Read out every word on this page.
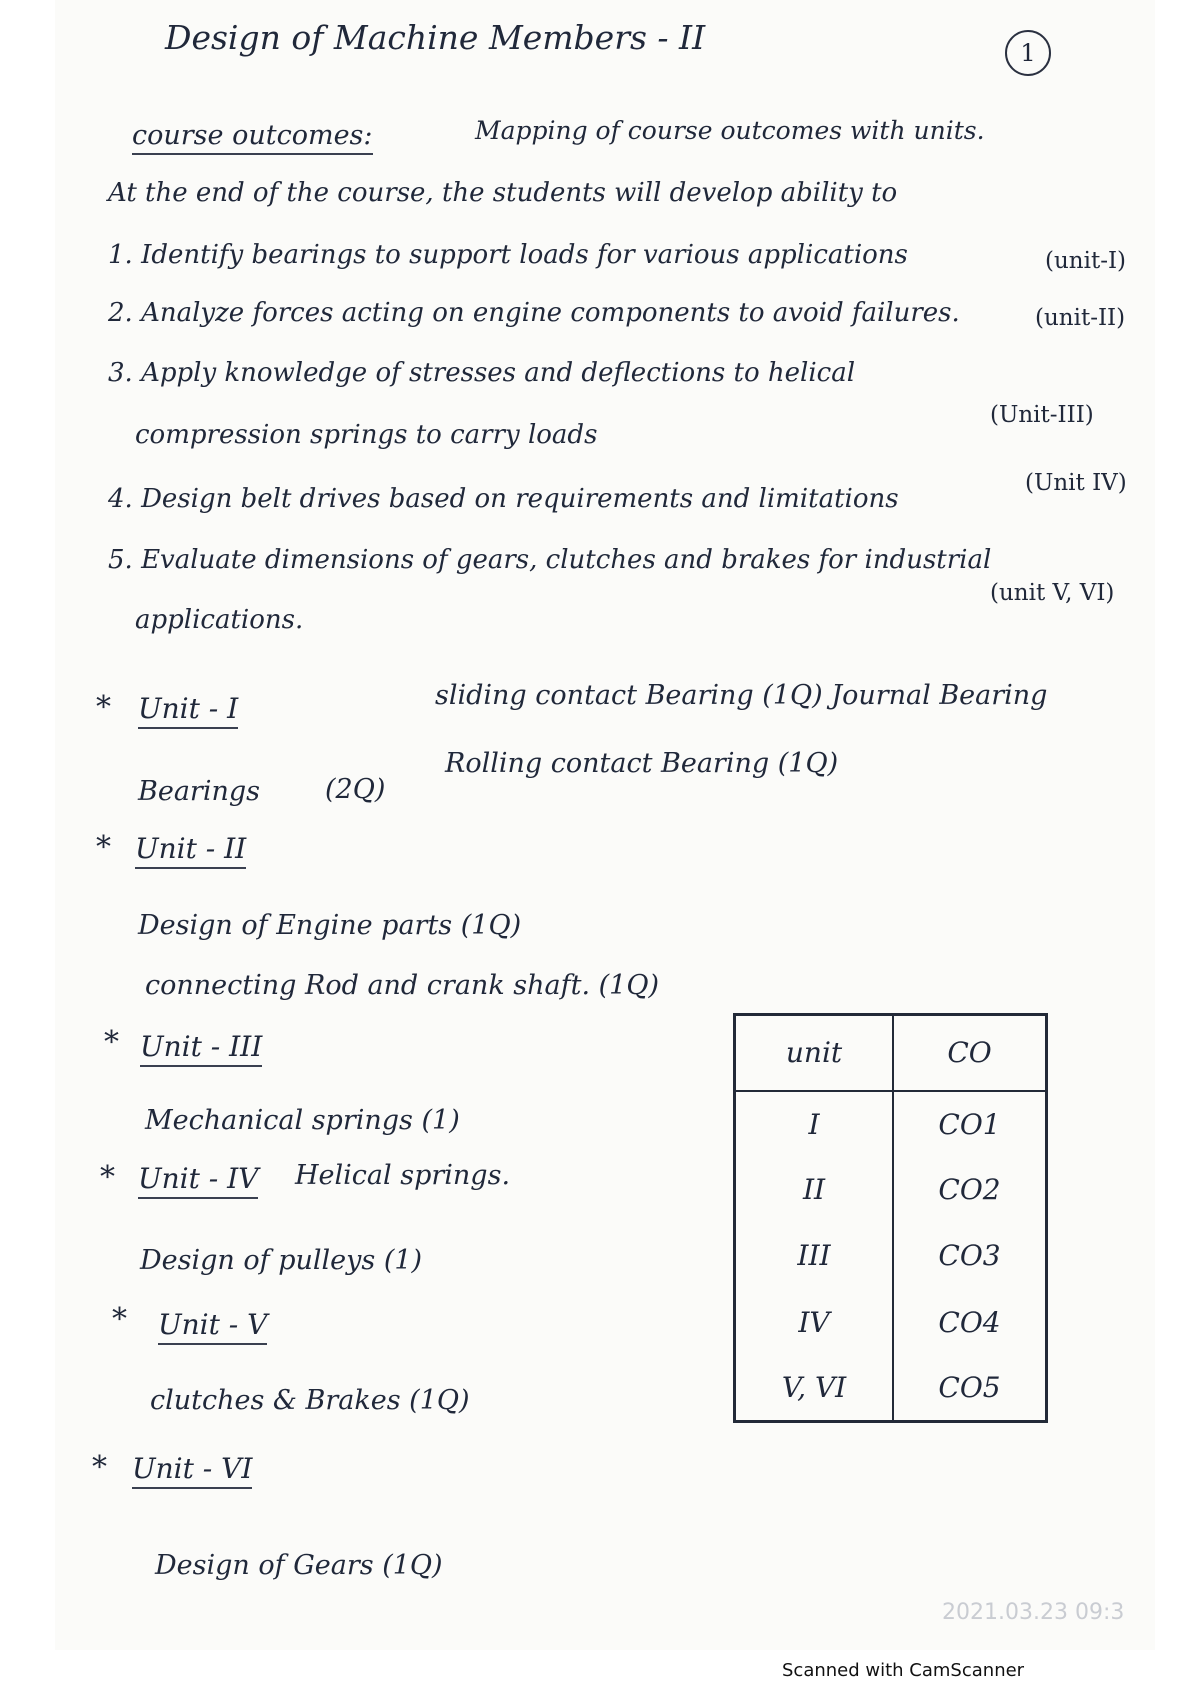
Design of Machine Members - II	1
course outcomes:	Mapping of course outcomes with units.
At the end of the course, the students will develop ability to
1. Identify bearings to support loads for various applications	(unit-I)
2. Analyze forces acting on engine components to avoid failures.	(unit-II)
3. Apply knowledge of stresses and deflections to helical
compression springs to carry loads
(Unit-III)
4. Design belt drives based on requirements and limitations
(Unit IV)
5. Evaluate dimensions of gears, clutches and brakes for industrial
applications.
(unit V, VI)
* Unit - I	sliding contact Bearing (1Q) Journal Bearing
Bearings (2Q)
Rolling contact Bearing (1Q)
* Unit - II
Design of Engine parts (1Q)
connecting Rod and crank shaft. (1Q)
* Unit - III
Mechanical springs (1)
* Unit - IV Helical springs.
Design of pulleys (1)
* Unit - V
clutches & Brakes (1Q)
* Unit - VI
Design of Gears (1Q)
unit	CO
I	CO1
II	CO2
III	CO3
IV	CO4
V, VI	CO5
2021.03.23 09:3
Scanned with CamScanner
